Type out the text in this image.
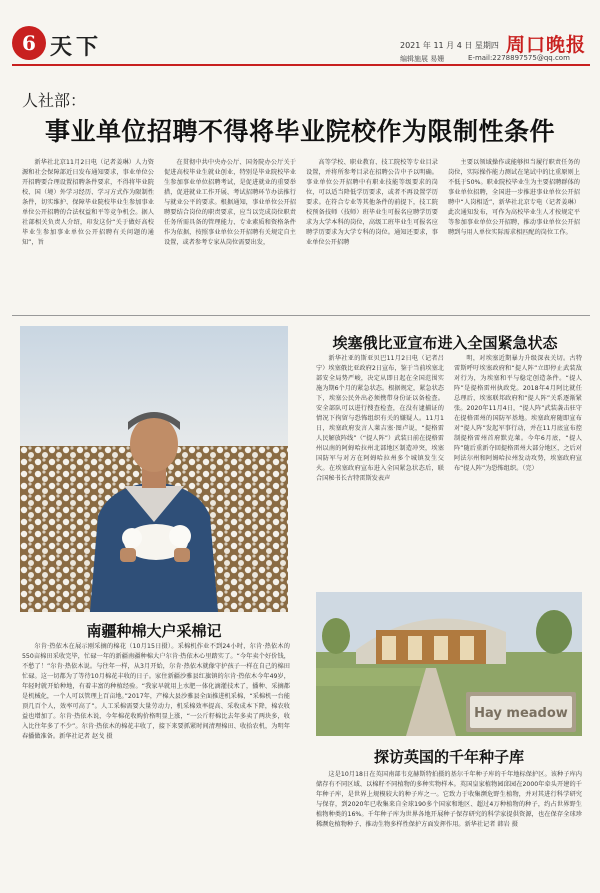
6 天下	2021 年 11 月 4 日 星期四
编辑施展 易姗	E-mail:2278897575@qq.com
周口晚报
人社部：
事业单位招聘不得将毕业院校作为限制性条件

新华社北京11月2日电（记者姜琳）人力资源和社会保障部近日发布通知要求，事业单位公开招聘要合理设置招聘条件要求，不得将毕业院校、国（境）外学习经历、学习方式作为限制性条件，切实维护、保障毕业院校毕业生参加事业单位公开招聘的合法权益和平等竞争机会。据人社部相关负责人介绍，印发这份“关于做好高校毕业生参加事业单位公开招聘有关问题的通知”，旨

在贯彻中共中央办公厅、国务院办公厅关于促进高校毕业生就业创业，特别是毕业院校毕业生参加事业单位招聘考试，是促进就业的重要举措，促进就业工作开展、考试招聘环节办法推行与就业公平的要求。根据通知，事业单位公开招聘要结合岗位的职责要求，应当以完成岗位职责任务所需具备的管理能力、专业素质和资格条件作为依据，按照事业单位公开招聘有关规定自主设置，或者参考专家从岗位需要出发，

高等学校、职业教育、技工院校等专业目录设置，并将所参考目录在招聘公告中予以明确。事业单位公开招聘中有职业技能等级要求的岗位，可以适当降低学历要求，或者不再设置学历要求。在符合专业等其他条件的前提下，技工院校预备技师（技师）班毕业生可报名应聘学历要求为大学本科的岗位，高级工班毕业生可报名应聘学历要求为大学专科的岗位。通知还要求，事业单位公开招聘

主要以领域操作或能够担当履行职责任务的岗位，实际操作能力测试在笔试中的比重原则上不低于50%。职业院校毕业生为主要招聘群体的事业单位招聘，全国进一步推进事业单位公开招聘中“人岗相适”，新华社北京专电（记者姜琳）此次通知发布，可作为高校毕业生人才按规定平等参加事业单位公开招聘，推动事业单位公开招聘到与用人单位实际需求相匹配的岗位工作。

南疆种棉大户采棉记

尔肯·热依木在展示刚采摘的棉花（10月15日摄）。采棉机作业不到24小时，尔肯·热依木的550亩棉田采收完毕，忙碌一年的新疆南疆种棉大户尔肯·热依木心里踏实了。“今年卖个好价钱，不愁了！”尔肯·热依木说。与往年一样，从3月开始，尔肯·热依木就像守护孩子一样在自己的棉田忙碌。这一切都为了等待10月棉花丰收的日子。家住新疆沙雅县红旗镇的尔肯·热依木今年49岁，年轻时就开始种地，有着丰富的种植经验。“我家早就用上水肥一体化滴灌技术了，播种、采摘都是机械化，一个人可以管理上百亩地。”2017年，产棉大县沙雅县全面推进机采棉，“采棉机一台能顶几百个人，效率可高了”。人工采棉需要大量劳动力，机采棉效率提高、采收成本下降，棉农收益也增加了。尔肯·热依木说，今年棉花收购价格明显上涨，“一公斤籽棉比去年多卖了两块多，收入比往年多了不少”。尔肯·热依木的棉花丰收了，接下来要抓紧时间清理棉田、收拾农机，为明年春播做准备。新华社记者 赵戈 摄

埃塞俄比亚宣布进入全国紧急状态

新华社亚的斯亚贝巴11月2日电（记者吕宁）埃塞俄比亚政府2日宣布，鉴于当前埃塞北部安全局势严峻，决定从即日起在全国范围实施为期6个月的紧急状态。根据规定，紧急状态下，埃塞公民外出必须携带身份证以备检查。安全部队可以进行搜查检查，在没有逮捕证的情况下拘留与恐怖组织有关的嫌疑人。11月1日，埃塞政府发言人莱吉塞·图卢说，“提格雷人民解放阵线”（“提人阵”）武装日前在提格雷州以南的阿姆哈拉州北部地区制造冲突，埃塞国防军与对方在阿姆哈拉州多个城镇发生交火。在埃塞政府宣布进入全国紧急状态后，联合国秘书长古特雷斯发表声

明，对埃塞近期暴力升级深表关切。古特雷斯呼吁埃塞政府和“提人阵”立即停止武装敌对行为，为埃塞和平与稳定创造条件。“提人阵”是提格雷州执政党。2018年4月阿比就任总理后，埃塞联邦政府和“提人阵”关系逐渐紧张。2020年11月4日，“提人阵”武装袭击驻守在提格雷州的国防军基地。埃塞政府随即宣布对“提人阵”发起军事行动，并在11月底宣布控制提格雷州首府默克莱。今年6月底，“提人阵”随后重新夺回提格雷州大部分地区，之后对阿法尔州和阿姆哈拉州发动攻势，埃塞政府宣布“提人阵”为恐怖组织。（完）

Hay meadow
探访英国的千年种子库

这是10月18日在英国南部韦克赫斯特拍摄的基尔千年种子库的千年地标保护区。该种子库内储存有不同区域、以棉籽不同植物的多种实物样本。英国皇家植物园邱园在2000年牵头开建的千年种子库，是世界上规模较大的种子库之一。它致力于收集濒危野生植物，并对其进行科学研究与保存，到2020年已收集来自全球190多个国家和地区、超过4万种植物的种子，约占世界野生植物种类的16%。千年种子库为世界各地开展种子保存研究的科学家提供资源，也在保存全球珍稀濒危植物种子、推动生物多样性保护方面发挥作用。新华社记者 韩岩 摄
